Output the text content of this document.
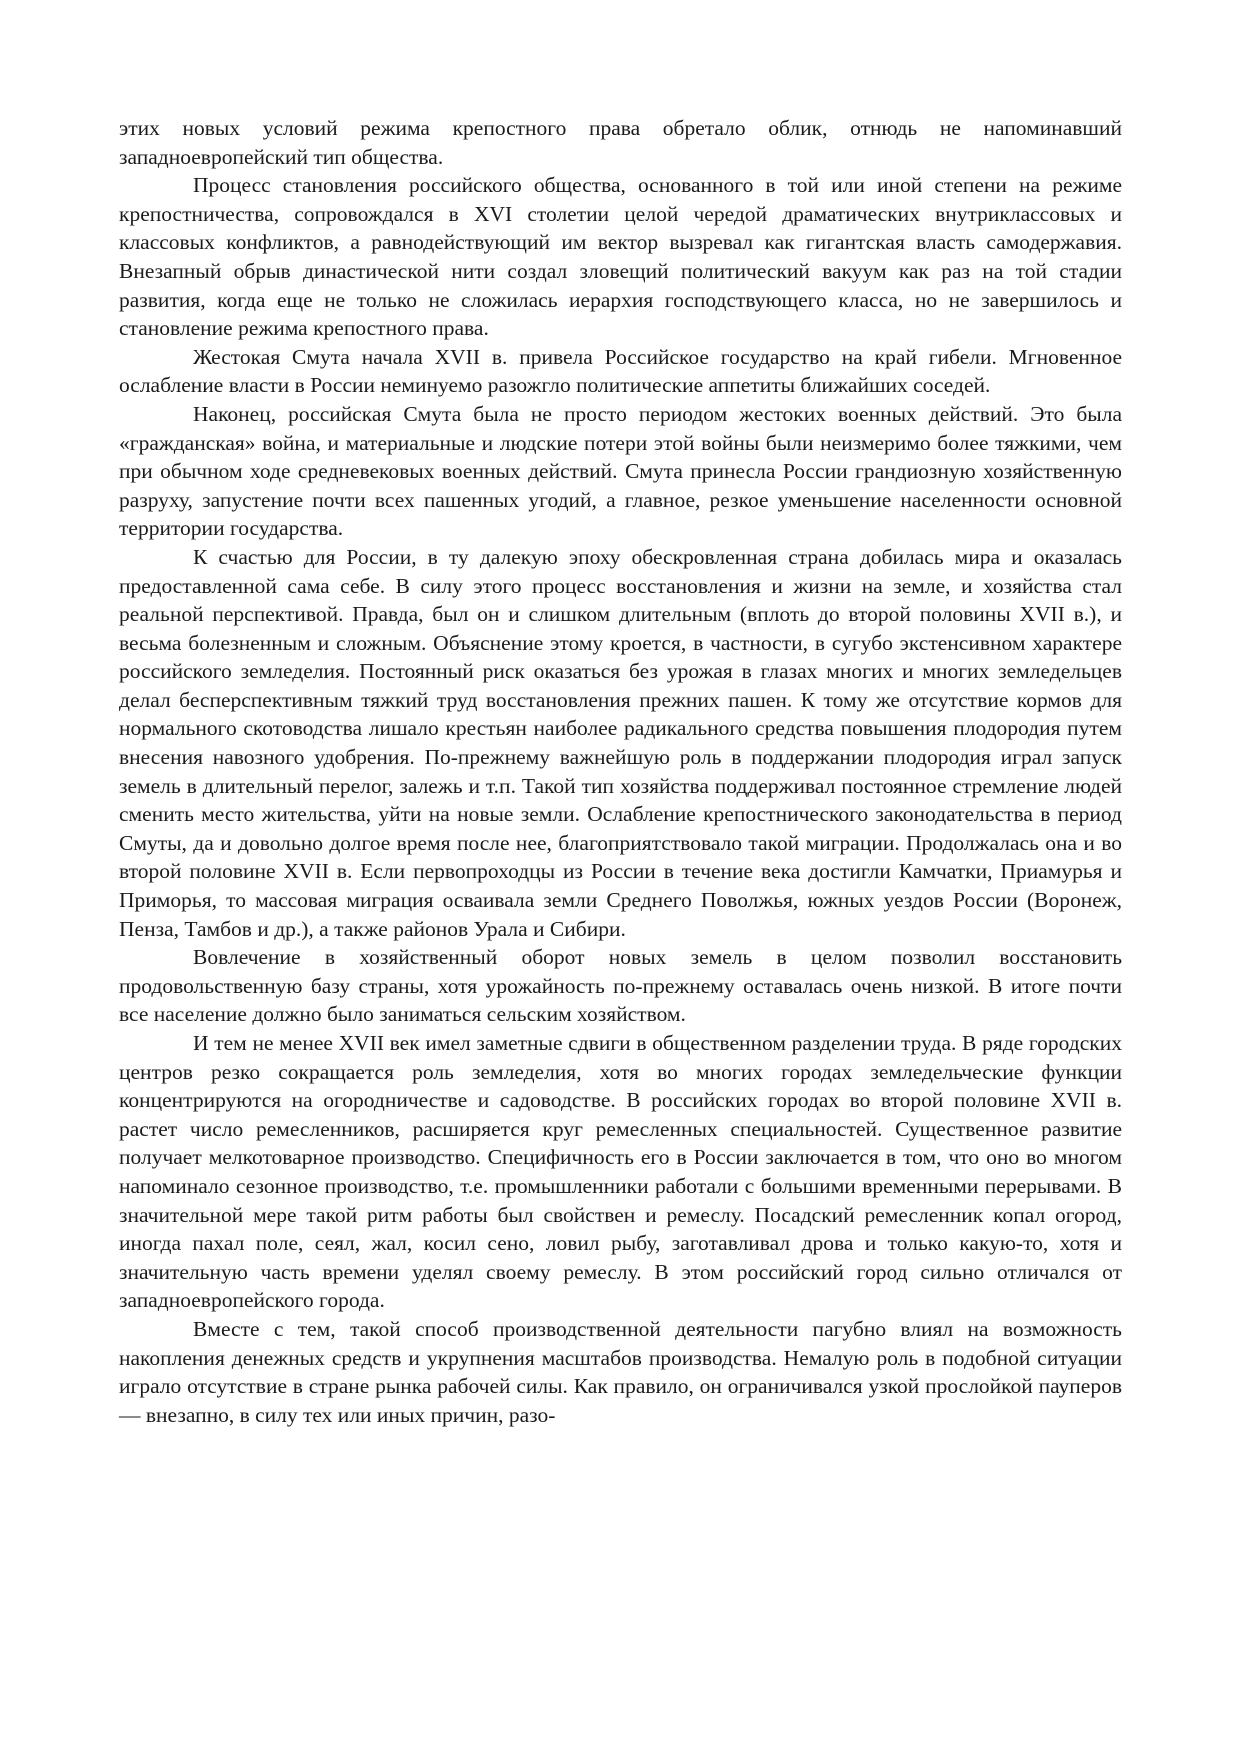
этих новых условий режима крепостного права обретало облик, отнюдь не напоминавший западноевропейский тип общества.

Процесс становления российского общества, основанного в той или иной степени на режиме крепостничества, сопровождался в XVI столетии целой чередой драматических внутриклассовых и классовых конфликтов, а равнодействующий им вектор вызревал как гигантская власть самодержавия. Внезапный обрыв династической нити создал зловещий политический вакуум как раз на той стадии развития, когда еще не только не сложилась иерархия господствующего класса, но не завершилось и становление режима крепостного права.

Жестокая Смута начала XVII в. привела Российское государство на край гибели. Мгновенное ослабление власти в России неминуемо разожгло политические аппетиты ближайших соседей.

Наконец, российская Смута была не просто периодом жестоких военных действий. Это была «гражданская» война, и материальные и людские потери этой войны были неизмеримо более тяжкими, чем при обычном ходе средневековых военных действий. Смута принесла России грандиозную хозяйственную разруху, запустение почти всех пашенных угодий, а главное, резкое уменьшение населенности основной территории государства.

К счастью для России, в ту далекую эпоху обескровленная страна добилась мира и оказалась предоставленной сама себе. В силу этого процесс восстановления и жизни на земле, и хозяйства стал реальной перспективой. Правда, был он и слишком длительным (вплоть до второй половины XVII в.), и весьма болезненным и сложным. Объяснение этому кроется, в частности, в сугубо экстенсивном характере российского земледелия. Постоянный риск оказаться без урожая в глазах многих и многих земледельцев делал бесперспективным тяжкий труд восстановления прежних пашен. К тому же отсутствие кормов для нормального скотоводства лишало крестьян наиболее радикального средства повышения плодородия путем внесения навозного удобрения. По-прежнему важнейшую роль в поддержании плодородия играл запуск земель в длительный перелог, залежь и т.п. Такой тип хозяйства поддерживал постоянное стремление людей сменить место жительства, уйти на новые земли. Ослабление крепостнического законодательства в период Смуты, да и довольно долгое время после нее, благоприятствовало такой миграции. Продолжалась она и во второй половине XVII в. Если первопроходцы из России в течение века достигли Камчатки, Приамурья и Приморья, то массовая миграция осваивала земли Среднего Поволжья, южных уездов России (Воронеж, Пенза, Тамбов и др.), а также районов Урала и Сибири.

Вовлечение в хозяйственный оборот новых земель в целом позволил восстановить продовольственную базу страны, хотя урожайность по-прежнему оставалась очень низкой. В итоге почти все население должно было заниматься сельским хозяйством.

И тем не менее XVII век имел заметные сдвиги в общественном разделении труда. В ряде городских центров резко сокращается роль земледелия, хотя во многих городах земледельческие функции концентрируются на огородничестве и садоводстве. В российских городах во второй половине XVII в. растет число ремесленников, расширяется круг ремесленных специальностей. Существенное развитие получает мелкотоварное производство. Специфичность его в России заключается в том, что оно во многом напоминало сезонное производство, т.е. промышленники работали с большими временными перерывами. В значительной мере такой ритм работы был свойствен и ремеслу. Посадский ремесленник копал огород, иногда пахал поле, сеял, жал, косил сено, ловил рыбу, заготавливал дрова и только какую-то, хотя и значительную часть времени уделял своему ремеслу. В этом российский город сильно отличался от западноевропейского города.

Вместе с тем, такой способ производственной деятельности пагубно влиял на возможность накопления денежных средств и укрупнения масштабов производства. Немалую роль в подобной ситуации играло отсутствие в стране рынка рабочей силы. Как правило, он ограничивался узкой прослойкой пауперов — внезапно, в силу тех или иных причин, разо-
